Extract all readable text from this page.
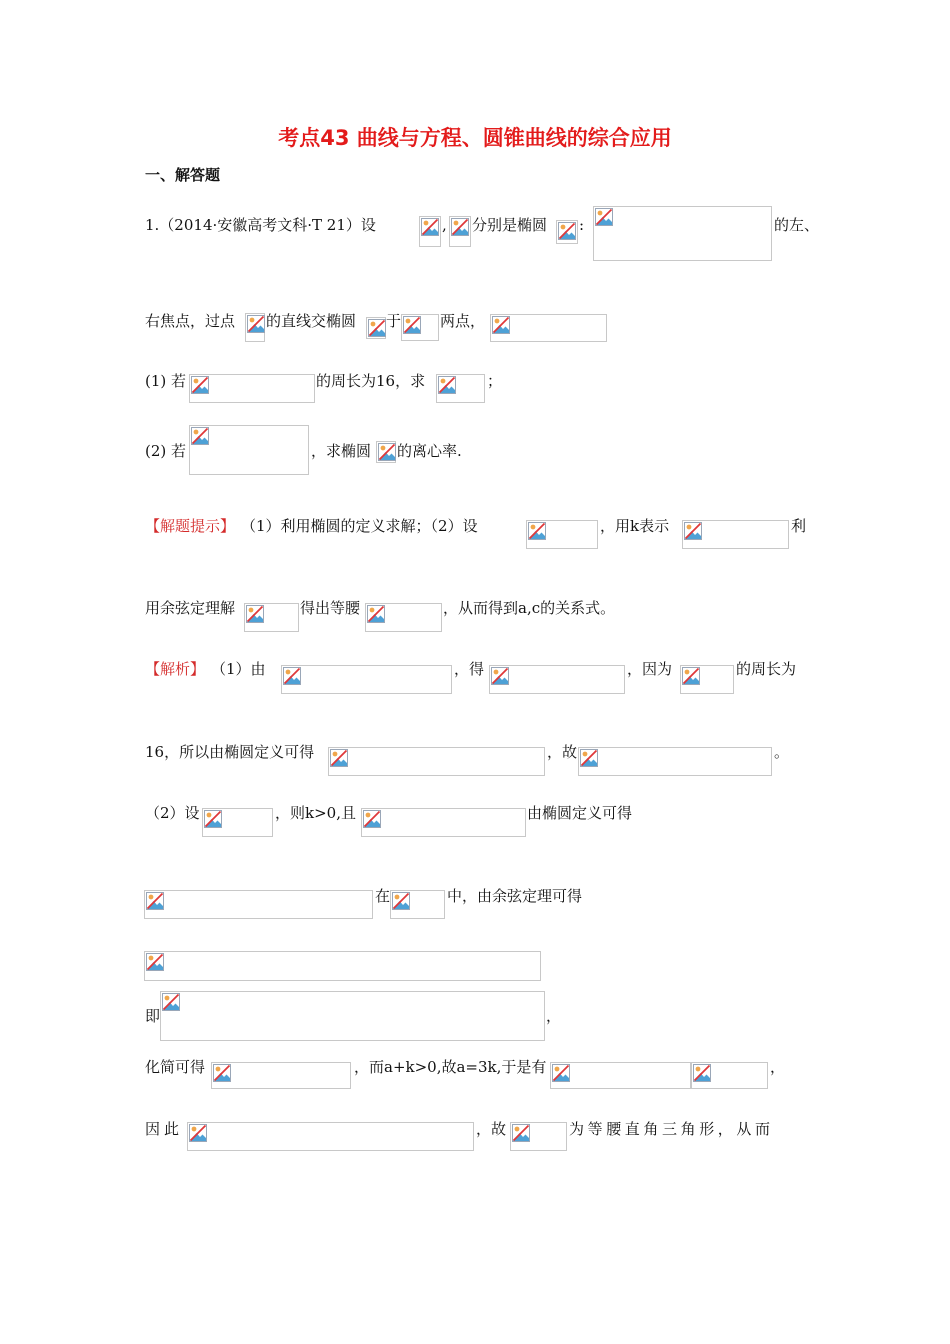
考点43 曲线与方程、圆锥曲线的综合应用
一、解答题
1.（2014·安徽高考文科·T 21）设	, 分别是椭圆 :	的左、
右焦点，过点 的直线交椭圆 于	两点，
(1) 若	的周长为16，求	；
(2) 若	，求椭圆 的离心率.
【解题提示】 （1）利用椭圆的定义求解；（2）设	，用k表示	利
用余弦定理解	得出等腰	，从而得到a,c的关系式。
【解析】 （1）由	，得	，因为	的周长为
16，所以由椭圆定义可得	，故	。
（2）设	，则k>0,且	由椭圆定义可得
在	中，由余弦定理可得
即	，
化简可得	，而a+k>0,故a=3k,于是有	，
因此	，故	为等腰直角三角形，从而
